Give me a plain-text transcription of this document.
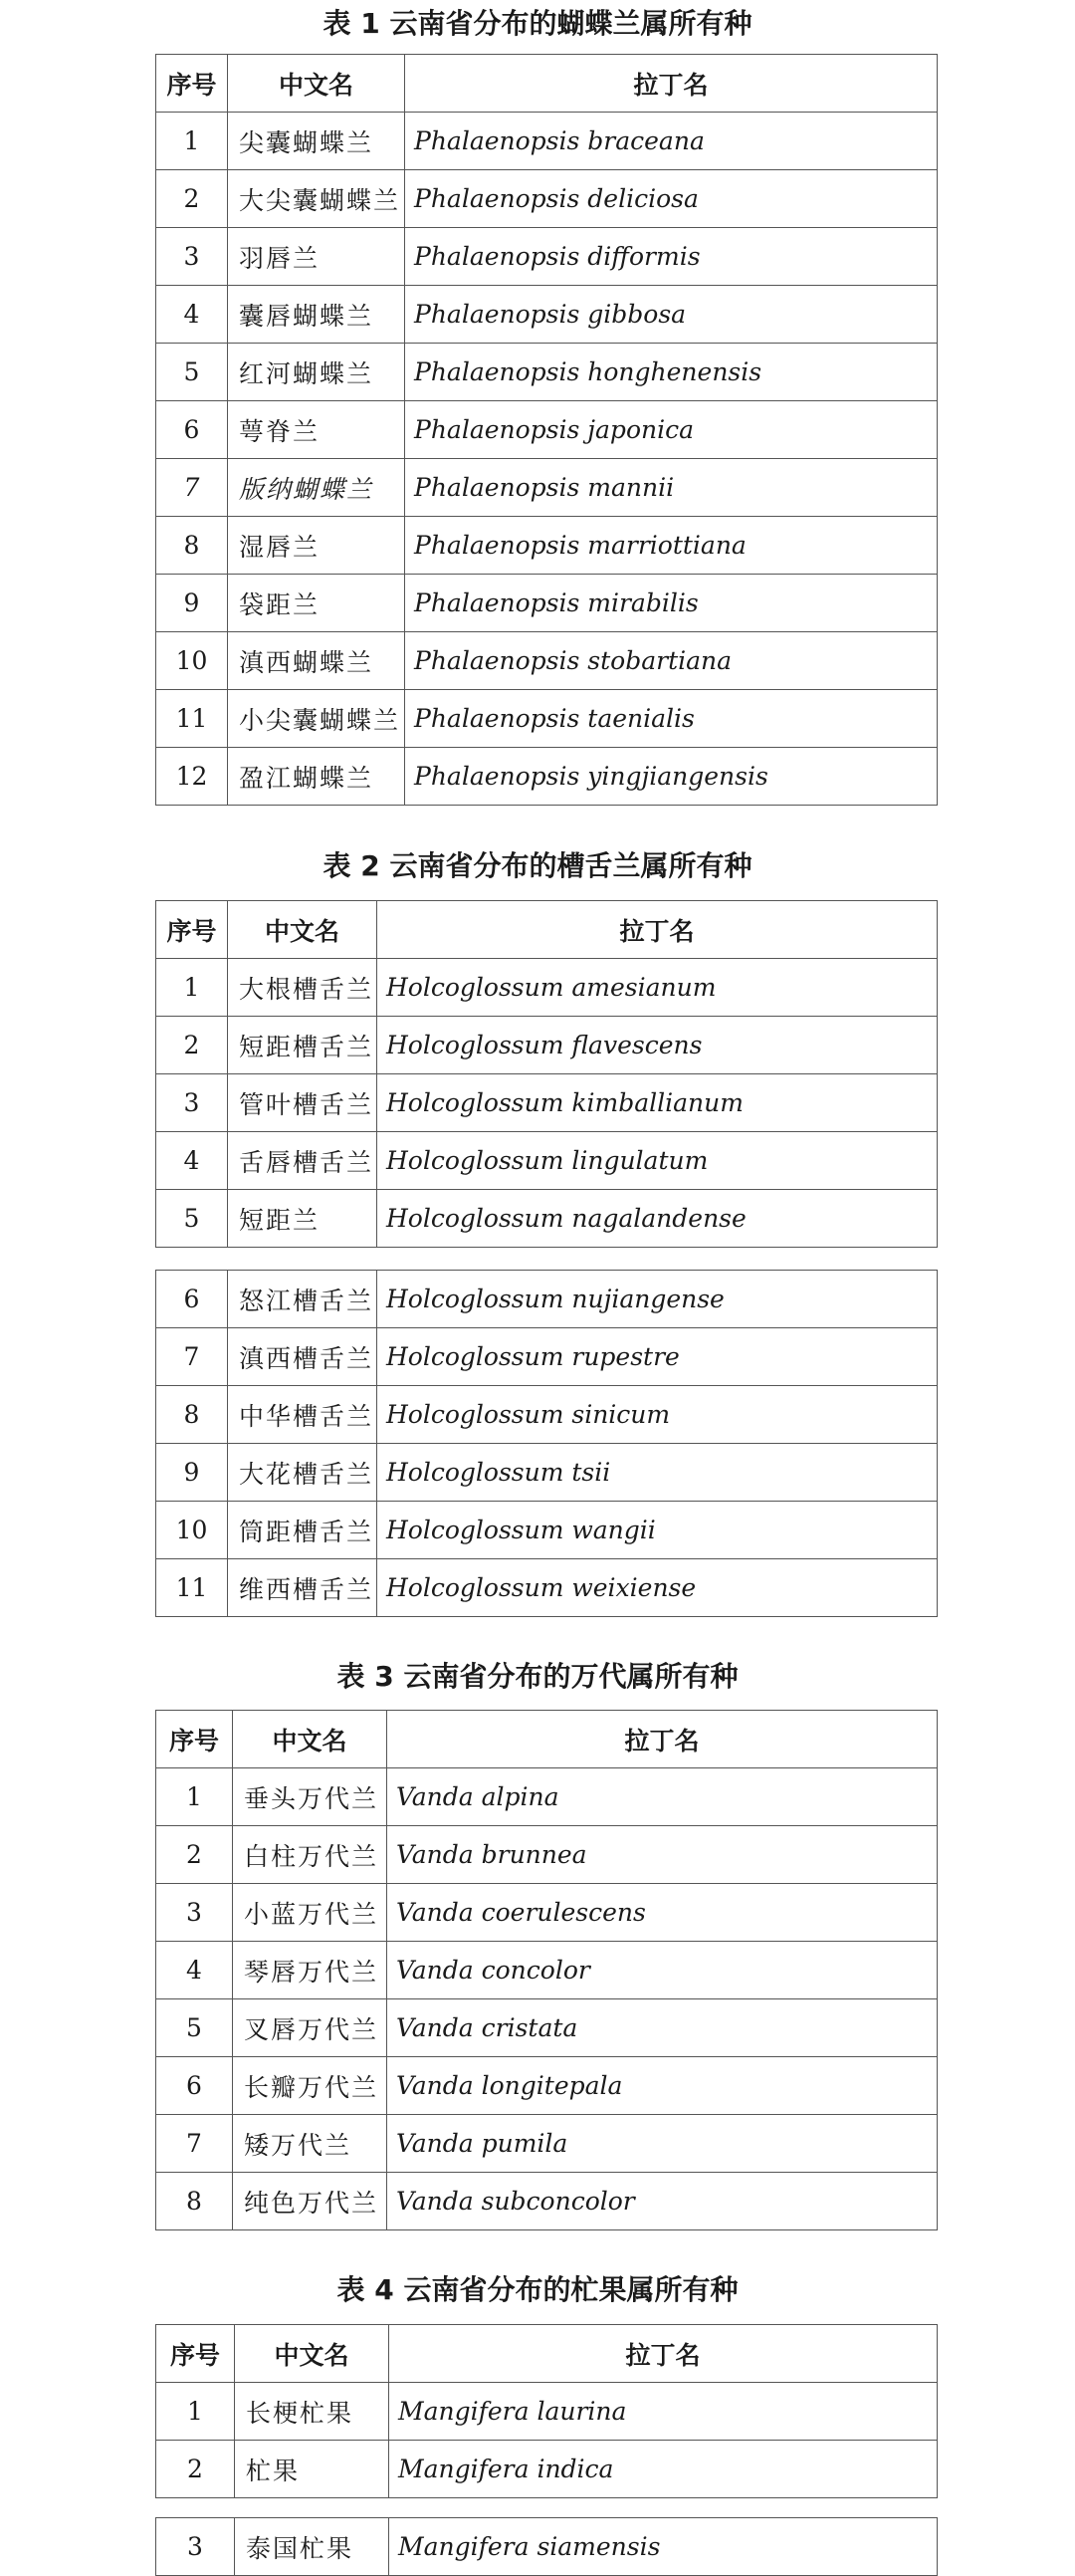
表 1 云南省分布的蝴蝶兰属所有种
序号	中文名	拉丁名
1	尖囊蝴蝶兰	Phalaenopsis braceana
2	大尖囊蝴蝶兰	Phalaenopsis deliciosa
3	羽唇兰	Phalaenopsis difformis
4	囊唇蝴蝶兰	Phalaenopsis gibbosa
5	红河蝴蝶兰	Phalaenopsis honghenensis
6	萼脊兰	Phalaenopsis japonica
7	版纳蝴蝶兰	Phalaenopsis mannii
8	湿唇兰	Phalaenopsis marriottiana
9	袋距兰	Phalaenopsis mirabilis
10	滇西蝴蝶兰	Phalaenopsis stobartiana
11	小尖囊蝴蝶兰	Phalaenopsis taenialis
12	盈江蝴蝶兰	Phalaenopsis yingjiangensis
表 2 云南省分布的槽舌兰属所有种
序号	中文名	拉丁名
1	大根槽舌兰	Holcoglossum amesianum
2	短距槽舌兰	Holcoglossum flavescens
3	管叶槽舌兰	Holcoglossum kimballianum
4	舌唇槽舌兰	Holcoglossum lingulatum
5	短距兰	Holcoglossum nagalandense
6	怒江槽舌兰	Holcoglossum nujiangense
7	滇西槽舌兰	Holcoglossum rupestre
8	中华槽舌兰	Holcoglossum sinicum
9	大花槽舌兰	Holcoglossum tsii
10	筒距槽舌兰	Holcoglossum wangii
11	维西槽舌兰	Holcoglossum weixiense
表 3 云南省分布的万代属所有种
序号	中文名	拉丁名
1	垂头万代兰	Vanda alpina
2	白柱万代兰	Vanda brunnea
3	小蓝万代兰	Vanda coerulescens
4	琴唇万代兰	Vanda concolor
5	叉唇万代兰	Vanda cristata
6	长瓣万代兰	Vanda longitepala
7	矮万代兰	Vanda pumila
8	纯色万代兰	Vanda subconcolor
表 4 云南省分布的杧果属所有种
序号	中文名	拉丁名
1	长梗杧果	Mangifera laurina
2	杧果	Mangifera indica
3	泰国杧果	Mangifera siamensis
